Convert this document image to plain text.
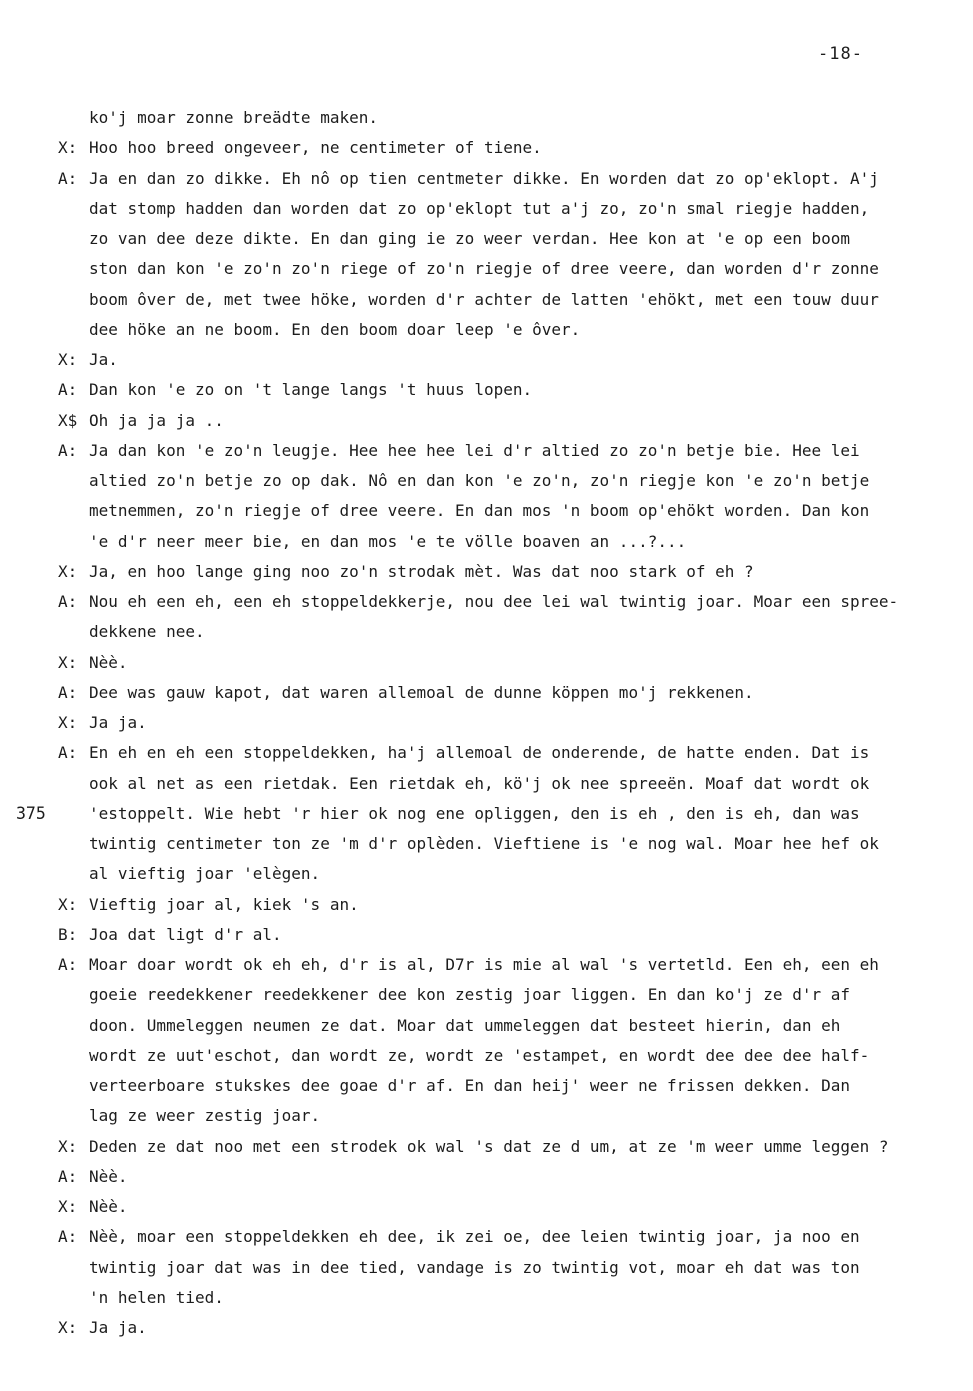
-18-
ko'j moar zonne breädte maken.
X: Hoo hoo breed ongeveer, ne centimeter of tiene.
A: Ja en dan zo dikke. Eh nô op tien centmeter dikke. En worden dat zo op'eklopt. A'j
dat stomp hadden dan worden dat zo op'eklopt tut a'j zo, zo'n smal riegje hadden,
zo van dee deze dikte. En dan ging ie zo weer verdan. Hee kon at 'e op een boom
ston dan kon 'e zo'n zo'n riege of zo'n riegje of dree veere, dan worden d'r zonne
boom ôver de, met twee höke, worden d'r achter de latten 'ehökt, met een touw duur
dee höke an ne boom. En den boom doar leep 'e ôver.
X: Ja.
A: Dan kon 'e zo on 't lange langs 't huus lopen.
X$ Oh ja ja ja ..
A: Ja dan kon 'e zo'n leugje. Hee hee hee lei d'r altied zo zo'n betje bie. Hee lei
altied zo'n betje zo op dak. Nô en dan kon 'e zo'n, zo'n riegje kon 'e zo'n betje
metnemmen, zo'n riegje of dree veere. En dan mos 'n boom op'ehökt worden. Dan kon
'e d'r neer meer bie, en dan mos 'e te völle boaven an ...?...
X: Ja, en hoo lange ging noo zo'n strodak mèt. Was dat noo stark of eh ?
A: Nou eh een eh, een eh stoppeldekkerje, nou dee lei wal twintig joar. Moar een spree-
dekkene nee.
X: Nèè.
A: Dee was gauw kapot, dat waren allemoal de dunne köppen mo'j rekkenen.
X: Ja ja.
A: En eh en eh een stoppeldekken, ha'j allemoal de onderende, de hatte enden. Dat is
ook al net as een rietdak. Een rietdak eh, kö'j ok nee spreeën. Moaf dat wordt ok
375	'estoppelt. Wie hebt 'r hier ok nog ene opliggen, den is eh , den is eh, dan was
twintig centimeter ton ze 'm d'r oplèden. Vieftiene is 'e nog wal. Moar hee hef ok
al vieftig joar 'elègen.
X: Vieftig joar al, kiek 's an.
B: Joa dat ligt d'r al.
A: Moar doar wordt ok eh eh, d'r is al, D7r is mie al wal 's vertetld. Een eh, een eh
goeie reedekkener reedekkener dee kon zestig joar liggen. En dan ko'j ze d'r af
doon. Ummeleggen neumen ze dat. Moar dat ummeleggen dat besteet hierin, dan eh
wordt ze uut'eschot, dan wordt ze, wordt ze 'estampet, en wordt dee dee dee half-
verteerboare stukskes dee goae d'r af. En dan heij' weer ne frissen dekken. Dan
lag ze weer zestig joar.
X: Deden ze dat noo met een strodek ok wal 's dat ze d um, at ze 'm weer umme leggen ?
A: Nèè.
X: Nèè.
A: Nèè, moar een stoppeldekken eh dee, ik zei oe, dee leien twintig joar, ja noo en
twintig joar dat was in dee tied, vandage is zo twintig vot, moar eh dat was ton
'n helen tied.
X: Ja ja.
